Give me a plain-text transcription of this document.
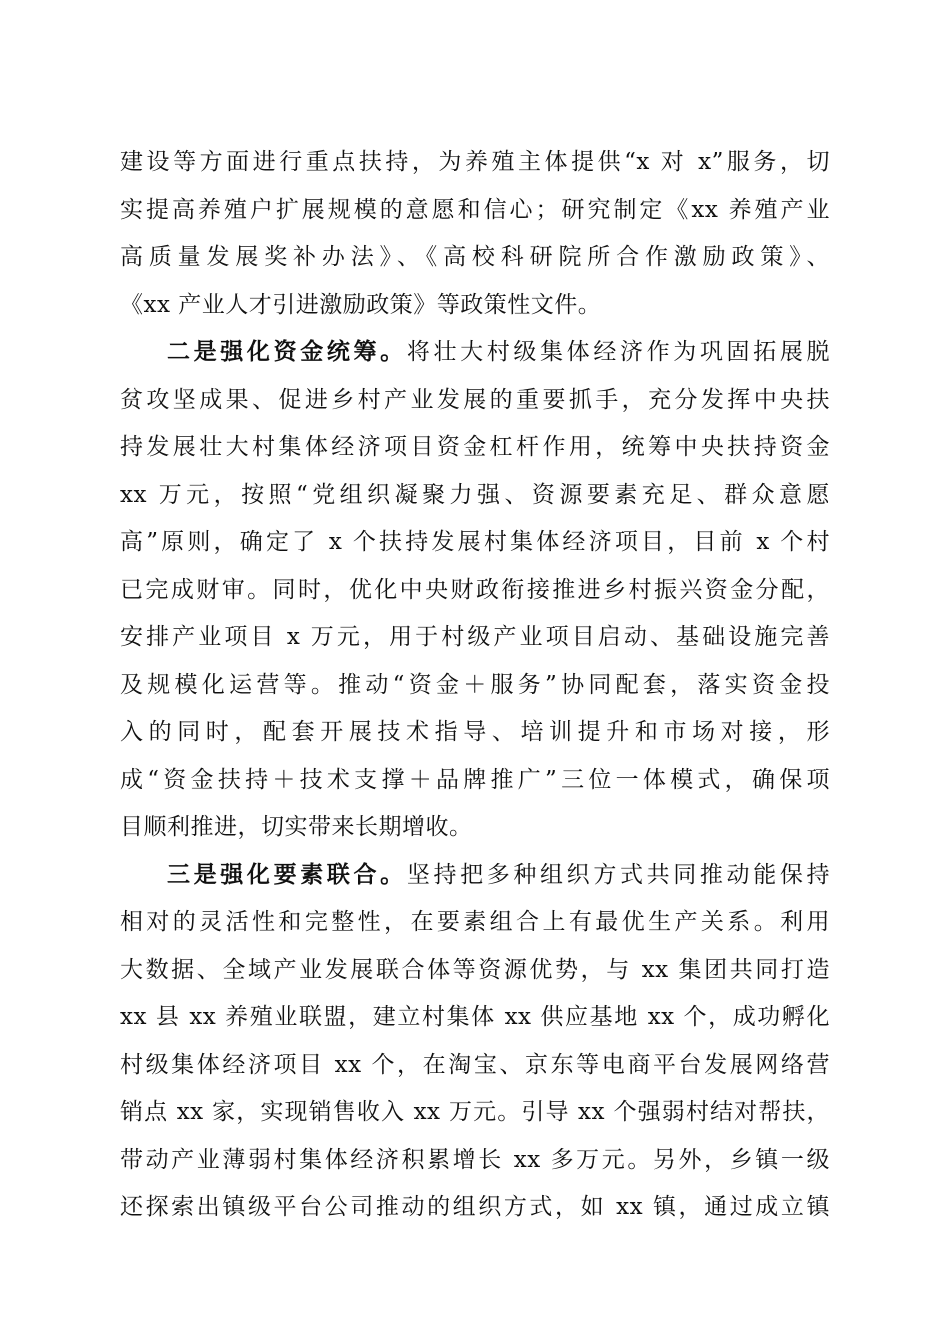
建设等方面进行重点扶持，为养殖主体提供“x 对 x”服务，切
实提高养殖户扩展规模的意愿和信心；研究制定《xx 养殖产业
高质量发展奖补办法》、《高校科研院所合作激励政策》、
《xx 产业人才引进激励政策》等政策性文件。
二是强化资金统筹。将壮大村级集体经济作为巩固拓展脱
贫攻坚成果、促进乡村产业发展的重要抓手，充分发挥中央扶
持发展壮大村集体经济项目资金杠杆作用，统筹中央扶持资金
xx 万元，按照“党组织凝聚力强、资源要素充足、群众意愿
高”原则，确定了 x 个扶持发展村集体经济项目，目前 x 个村
已完成财审。同时，优化中央财政衔接推进乡村振兴资金分配，
安排产业项目 x 万元，用于村级产业项目启动、基础设施完善
及规模化运营等。推动“资金＋服务”协同配套，落实资金投
入的同时，配套开展技术指导、培训提升和市场对接，形
成“资金扶持＋技术支撑＋品牌推广”三位一体模式，确保项
目顺利推进，切实带来长期增收。
三是强化要素联合。坚持把多种组织方式共同推动能保持
相对的灵活性和完整性，在要素组合上有最优生产关系。利用
大数据、全域产业发展联合体等资源优势，与 xx 集团共同打造
xx 县 xx 养殖业联盟，建立村集体 xx 供应基地 xx 个，成功孵化
村级集体经济项目 xx 个，在淘宝、京东等电商平台发展网络营
销点 xx 家，实现销售收入 xx 万元。引导 xx 个强弱村结对帮扶，
带动产业薄弱村集体经济积累增长 xx 多万元。另外，乡镇一级
还探索出镇级平台公司推动的组织方式，如 xx 镇，通过成立镇
